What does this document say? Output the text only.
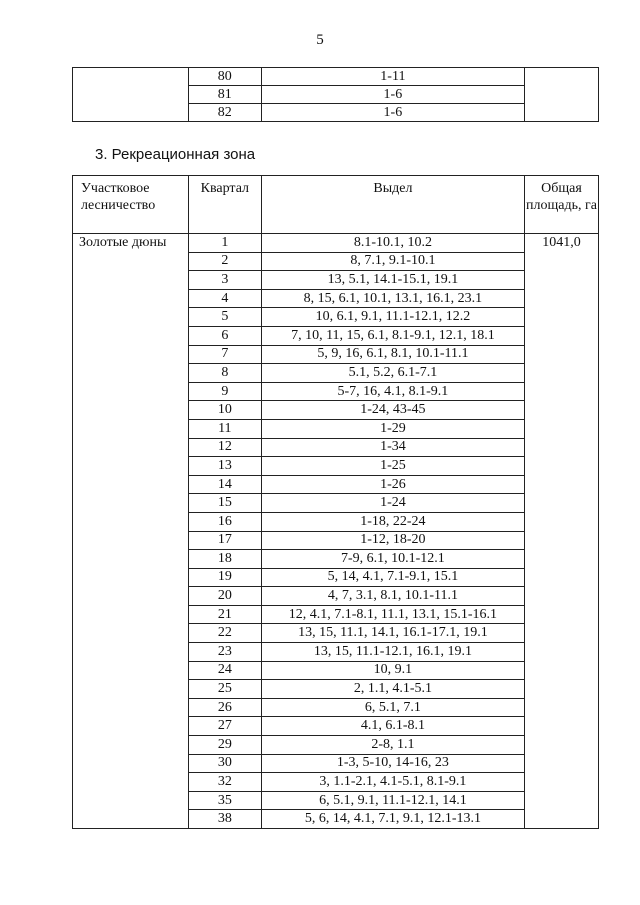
5
	80	1-11	
	81	1-6	
	82	1-6	
3. Рекреационная зона
Участковое лесничество	Квартал	Выдел	Общая площадь, га
Золотые дюны	1	8.1-10.1, 10.2	1041,0
	2	8, 7.1, 9.1-10.1	
	3	13, 5.1, 14.1-15.1, 19.1	
	4	8, 15, 6.1, 10.1, 13.1, 16.1, 23.1	
	5	10, 6.1, 9.1, 11.1-12.1, 12.2	
	6	7, 10, 11, 15, 6.1, 8.1-9.1, 12.1, 18.1	
	7	5, 9, 16, 6.1, 8.1, 10.1-11.1	
	8	5.1, 5.2, 6.1-7.1	
	9	5-7, 16, 4.1, 8.1-9.1	
	10	1-24, 43-45	
	11	1-29	
	12	1-34	
	13	1-25	
	14	1-26	
	15	1-24	
	16	1-18, 22-24	
	17	1-12, 18-20	
	18	7-9, 6.1, 10.1-12.1	
	19	5, 14, 4.1, 7.1-9.1, 15.1	
	20	4, 7, 3.1, 8.1, 10.1-11.1	
	21	12, 4.1, 7.1-8.1, 11.1, 13.1, 15.1-16.1	
	22	13, 15, 11.1, 14.1, 16.1-17.1, 19.1	
	23	13, 15, 11.1-12.1, 16.1, 19.1	
	24	10, 9.1	
	25	2, 1.1, 4.1-5.1	
	26	6, 5.1, 7.1	
	27	4.1, 6.1-8.1	
	29	2-8, 1.1	
	30	1-3, 5-10, 14-16, 23	
	32	3, 1.1-2.1, 4.1-5.1, 8.1-9.1	
	35	6, 5.1, 9.1, 11.1-12.1, 14.1	
	38	5, 6, 14, 4.1, 7.1, 9.1, 12.1-13.1	
